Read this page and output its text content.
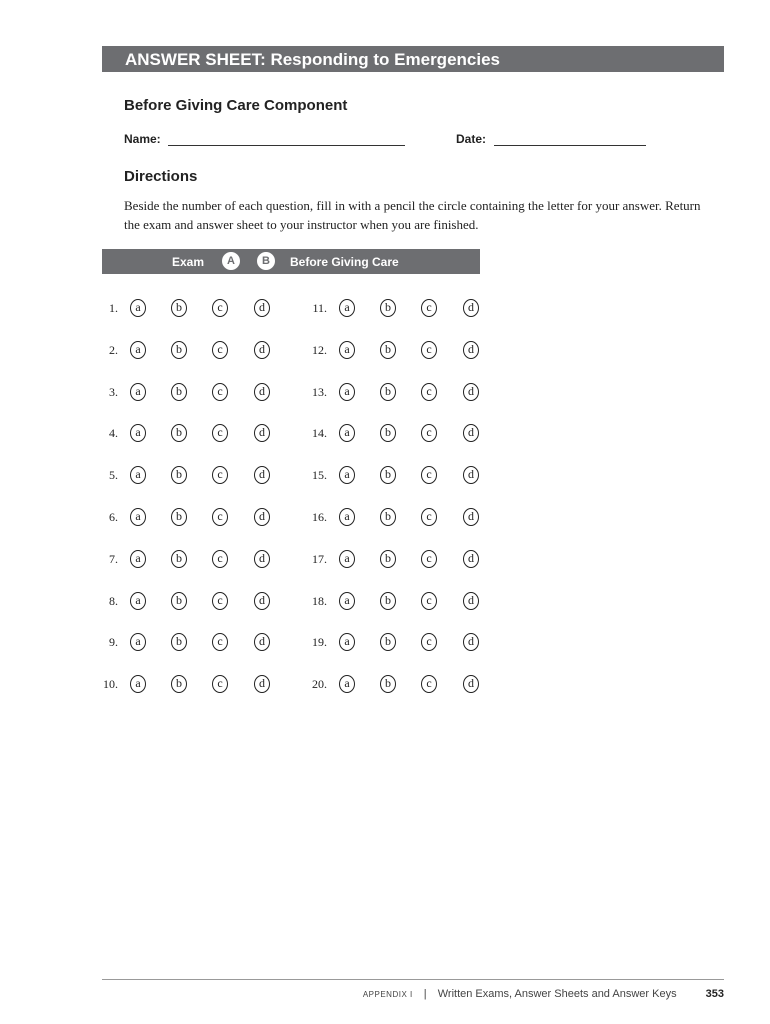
ANSWER SHEET: Responding to Emergencies
Before Giving Care Component
Name:	Date:
Directions
Beside the number of each question, fill in with a pencil the circle containing the letter for your answer. Return the exam and answer sheet to your instructor when you are finished.
Exam	A	B	Before Giving Care
1.	a	b	c	d
2.	a	b	c	d
3.	a	b	c	d
4.	a	b	c	d
5.	a	b	c	d
6.	a	b	c	d
7.	a	b	c	d
8.	a	b	c	d
9.	a	b	c	d
10.	a	b	c	d
11.	a	b	c	d
12.	a	b	c	d
13.	a	b	c	d
14.	a	b	c	d
15.	a	b	c	d
16.	a	b	c	d
17.	a	b	c	d
18.	a	b	c	d
19.	a	b	c	d
20.	a	b	c	d
APPENDIX I | Written Exams, Answer Sheets and Answer Keys	353
